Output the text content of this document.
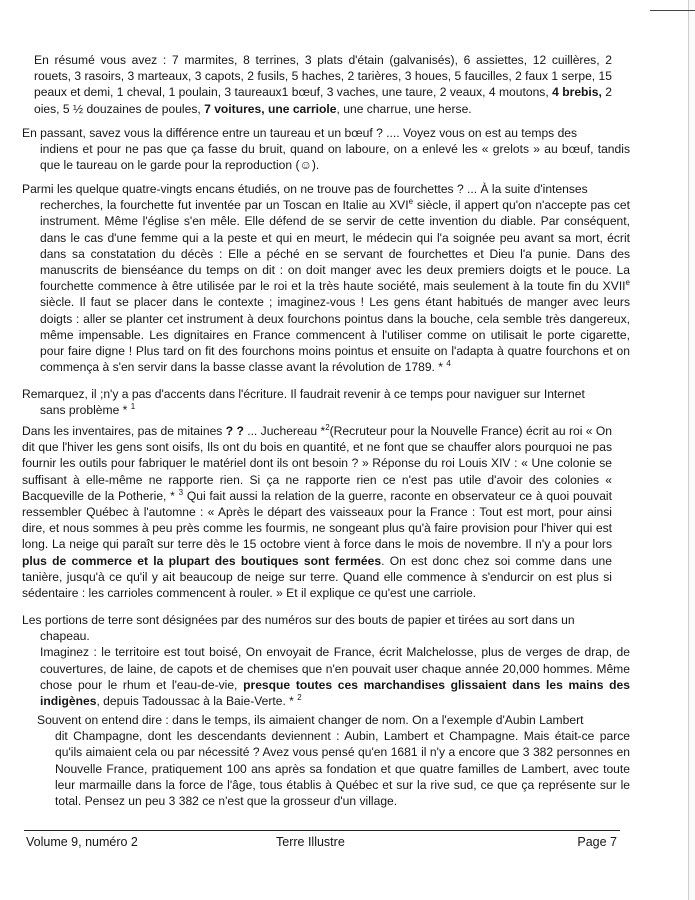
En résumé vous avez : 7 marmites, 8 terrines, 3 plats d'étain (galvanisés), 6 assiettes, 12 cuillères, 2 rouets, 3 rasoirs, 3 marteaux, 3 capots, 2 fusils, 5 haches, 2 tarières, 3 houes, 5 faucilles, 2 faux 1 serpe, 15 peaux et demi, 1 cheval, 1 poulain, 3 taureaux1 bœuf, 3 vaches, une taure, 2 veaux, 4 moutons, 4 brebis, 2 oies, 5 ½ douzaines de poules, 7 voitures, une carriole, une charrue, une herse.

En passant, savez vous la différence entre un taureau et un bœuf ? .... Voyez vous on est au temps des

indiens et pour ne pas que ça fasse du bruit, quand on laboure, on a enlevé les « grelots » au bœuf, tandis que le taureau on le garde pour la reproduction (☺).

Parmi les quelque quatre-vingts encans étudiés, on ne trouve pas de fourchettes ? ... À la suite d'intenses

recherches, la fourchette fut inventée par un Toscan en Italie au XVIe siècle, il appert qu'on n'accepte pas cet instrument. Même l'église s'en mêle. Elle défend de se servir de cette invention du diable. Par conséquent, dans le cas d'une femme qui a la peste et qui en meurt, le médecin qui l'a soignée peu avant sa mort, écrit dans sa constatation du décès : Elle a péché en se servant de fourchettes et Dieu l'a punie. Dans des manuscrits de bienséance du temps on dit : on doit manger avec les deux premiers doigts et le pouce. La fourchette commence à être utilisée par le roi et la très haute société, mais seulement à la toute fin du XVIIe siècle. Il faut se placer dans le contexte ; imaginez-vous ! Les gens étant habitués de manger avec leurs doigts : aller se planter cet instrument à deux fourchons pointus dans la bouche, cela semble très dangereux, même impensable. Les dignitaires en France commencent à l'utiliser comme on utilisait le porte cigarette, pour faire digne ! Plus tard on fit des fourchons moins pointus et ensuite on l'adapta à quatre fourchons et on commença à s'en servir dans la basse classe avant la révolution de 1789. * $^4$

Remarquez, il ;n'y a pas d'accents dans l'écriture. Il faudrait revenir à ce temps pour naviguer sur Internet

sans problème * $^1$

Dans les inventaires, pas de mitaines ? ? ... Juchereau *$^2$(Recruteur pour la Nouvelle France) écrit au roi « On dit que l'hiver les gens sont oisifs, Ils ont du bois en quantité, et ne font que se chauffer alors pourquoi ne pas fournir les outils pour fabriquer le matériel dont ils ont besoin ? » Réponse du roi Louis XIV : « Une colonie se suffisant à elle-même ne rapporte rien. Si ça ne rapporte rien ce n'est pas utile d'avoir des colonies « Bacqueville de la Potherie, * $^3$ Qui fait aussi la relation de la guerre, raconte en observateur ce à quoi pouvait ressembler Québec à l'automne : « Après le départ des vaisseaux pour la France : Tout est mort, pour ainsi dire, et nous sommes à peu près comme les fourmis, ne songeant plus qu'à faire provision pour l'hiver qui est long. La neige qui paraît sur terre dès le 15 octobre vient à force dans le mois de novembre. Il n'y a pour lors plus de commerce et la plupart des boutiques sont fermées. On est donc chez soi comme dans une tanière, jusqu'à ce qu'il y ait beaucoup de neige sur terre. Quand elle commence à s'endurcir on est plus si sédentaire : les carrioles commencent à rouler. » Et il explique ce qu'est une carriole.

Les portions de terre sont désignées par des numéros sur des bouts de papier et tirées au sort dans un

chapeau.

Imaginez : le territoire est tout boisé, On envoyait de France, écrit Malchelosse, plus de verges de drap, de couvertures, de laine, de capots et de chemises que n'en pouvait user chaque année 20,000 hommes. Même chose pour le rhum et l'eau-de-vie, presque toutes ces marchandises glissaient dans les mains des indigènes, depuis Tadoussac à la Baie-Verte. * $^2$

Souvent on entend dire : dans le temps, ils aimaient changer de nom. On a l'exemple d'Aubin Lambert

dit Champagne, dont les descendants deviennent : Aubin, Lambert et Champagne. Mais était-ce parce qu'ils aimaient cela ou par nécessité ? Avez vous pensé qu'en 1681 il n'y a encore que 3 382 personnes en Nouvelle France, pratiquement 100 ans après sa fondation et que quatre familles de Lambert, avec toute leur marmaille dans la force de l'âge, tous établis à Québec et sur la rive sud, ce que ça représente sur le total. Pensez un peu 3 382 ce n'est que la grosseur d'un village.

Volume 9, numéro 2	Terre Illustre	Page 7
